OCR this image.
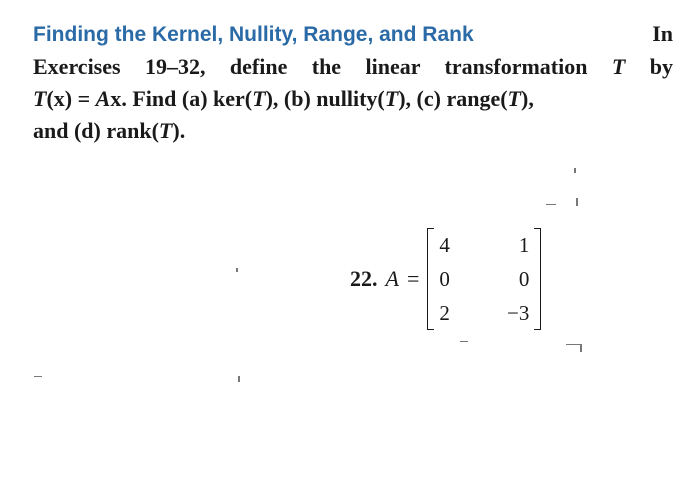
Finding the Kernel, Nullity, Range, and Rank	In
Exercises 19–32, define the linear transformation T by
T(x) = Ax. Find (a) ker(T), (b) nullity(T), (c) range(T),
and (d) rank(T).
22. A =
4	1
0	0
2	−3
